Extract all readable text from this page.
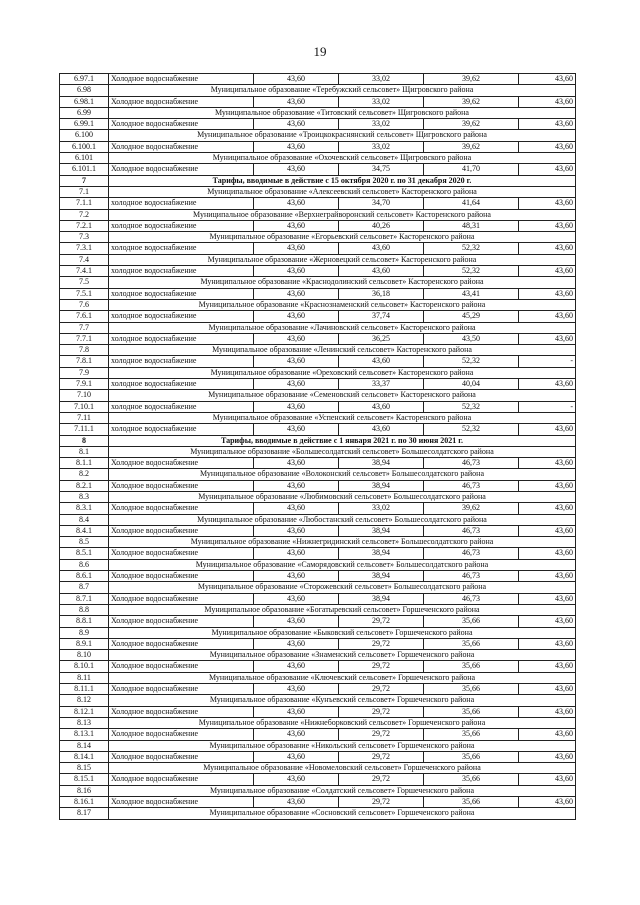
19
6.97.1	Холодное водоснабжение	43,60	33,02	39,62	43,60
6.98	Муниципальное образование «Теребужский сельсовет» Щигровского района				
6.98.1	Холодное водоснабжение	43,60	33,02	39,62	43,60
6.99	Муниципальное образование «Титовский сельсовет» Щигровского района				
6.99.1	Холодное водоснабжение	43,60	33,02	39,62	43,60
6.100	Муниципальное образование «Троицкокраснянский сельсовет» Щигровского района				
6.100.1	Холодное водоснабжение	43,60	33,02	39,62	43,60
6.101	Муниципальное образование «Охочевский сельсовет» Щигровского района				
6.101.1	Холодное водоснабжение	43,60	34,75	41,70	43,60
7	Тарифы, вводимые в действие с 15 октября 2020 г. по 31 декабря 2020 г.				
7.1	Муниципальное образование «Алексеевский сельсовет» Касторенского района				
7.1.1	холодное водоснабжение	43,60	34,70	41,64	43,60
7.2	Муниципальное образование «Верхнеграйворонский сельсовет» Касторенского района				
7.2.1	холодное водоснабжение	43,60	40,26	48,31	43,60
7.3	Муниципальное образование «Егорьевский сельсовет» Касторенского района				
7.3.1	холодное водоснабжение	43,60	43,60	52,32	43,60
7.4	Муниципальное образование «Жерновецкий сельсовет» Касторенского района				
7.4.1	холодное водоснабжение	43,60	43,60	52,32	43,60
7.5	Муниципальное образование «Краснодолинский сельсовет» Касторенского района				
7.5.1	холодное водоснабжение	43,60	36,18	43,41	43,60
7.6	Муниципальное образование «Краснознаменский сельсовет» Касторенского района				
7.6.1	холодное водоснабжение	43,60	37,74	45,29	43,60
7.7	Муниципальное образование «Лачиновский сельсовет» Касторенского района				
7.7.1	холодное водоснабжение	43,60	36,25	43,50	43,60
7.8	Муниципальное образование «Ленинский сельсовет» Касторенского района				
7.8.1	холодное водоснабжение	43,60	43,60	52,32	-
7.9	Муниципальное образование «Ореховский сельсовет» Касторенского района				
7.9.1	холодное водоснабжение	43,60	33,37	40,04	43,60
7.10	Муниципальное образование «Семеновский сельсовет» Касторенского района				
7.10.1	холодное водоснабжение	43,60	43,60	52,32	-
7.11	Муниципальное образование «Успенский сельсовет» Касторенского района				
7.11.1	холодное водоснабжение	43,60	43,60	52,32	43,60
8	Тарифы, вводимые в действие с 1 января 2021 г. по 30 июня 2021 г.				
8.1	Муниципальное образование «Большесолдатский сельсовет» Большесолдатского района				
8.1.1	Холодное водоснабжение	43,60	38,94	46,73	43,60
8.2	Муниципальное образование «Волоконский сельсовет» Большесолдатского района				
8.2.1	Холодное водоснабжение	43,60	38,94	46,73	43,60
8.3	Муниципальное образование «Любимовский сельсовет» Большесолдатского района				
8.3.1	Холодное водоснабжение	43,60	33,02	39,62	43,60
8.4	Муниципальное образование «Любостанский сельсовет» Большесолдатского района				
8.4.1	Холодное водоснабжение	43,60	38,94	46,73	43,60
8.5	Муниципальное образование «Нижнегридинский сельсовет» Большесолдатского района				
8.5.1	Холодное водоснабжение	43,60	38,94	46,73	43,60
8.6	Муниципальное образование «Саморядовский сельсовет» Большесолдатского района				
8.6.1	Холодное водоснабжение	43,60	38,94	46,73	43,60
8.7	Муниципальное образование «Сторожевский сельсовет» Большесолдатского района				
8.7.1	Холодное водоснабжение	43,60	38,94	46,73	43,60
8.8	Муниципальное образование «Богатыревский сельсовет» Горшеченского района				
8.8.1	Холодное водоснабжение	43,60	29,72	35,66	43,60
8.9	Муниципальное образование «Быковский сельсовет» Горшеченского района				
8.9.1	Холодное водоснабжение	43,60	29,72	35,66	43,60
8.10	Муниципальное образование «Знаменский сельсовет» Горшеченского района				
8.10.1	Холодное водоснабжение	43,60	29,72	35,66	43,60
8.11	Муниципальное образование «Ключевский сельсовет» Горшеченского района				
8.11.1	Холодное водоснабжение	43,60	29,72	35,66	43,60
8.12	Муниципальное образование «Кунъевский сельсовет» Горшеченского района				
8.12.1	Холодное водоснабжение	43,60	29,72	35,66	43,60
8.13	Муниципальное образование «Нижнеборковский сельсовет» Горшеченского района				
8.13.1	Холодное водоснабжение	43,60	29,72	35,66	43,60
8.14	Муниципальное образование «Никольский сельсовет» Горшеченского района				
8.14.1	Холодное водоснабжение	43,60	29,72	35,66	43,60
8.15	Муниципальное образование «Новомеловский сельсовет» Горшеченского района				
8.15.1	Холодное водоснабжение	43,60	29,72	35,66	43,60
8.16	Муниципальное образование «Солдатский сельсовет» Горшеченского района				
8.16.1	Холодное водоснабжение	43,60	29,72	35,66	43,60
8.17	Муниципальное образование «Сосновский сельсовет» Горшеченского района				
